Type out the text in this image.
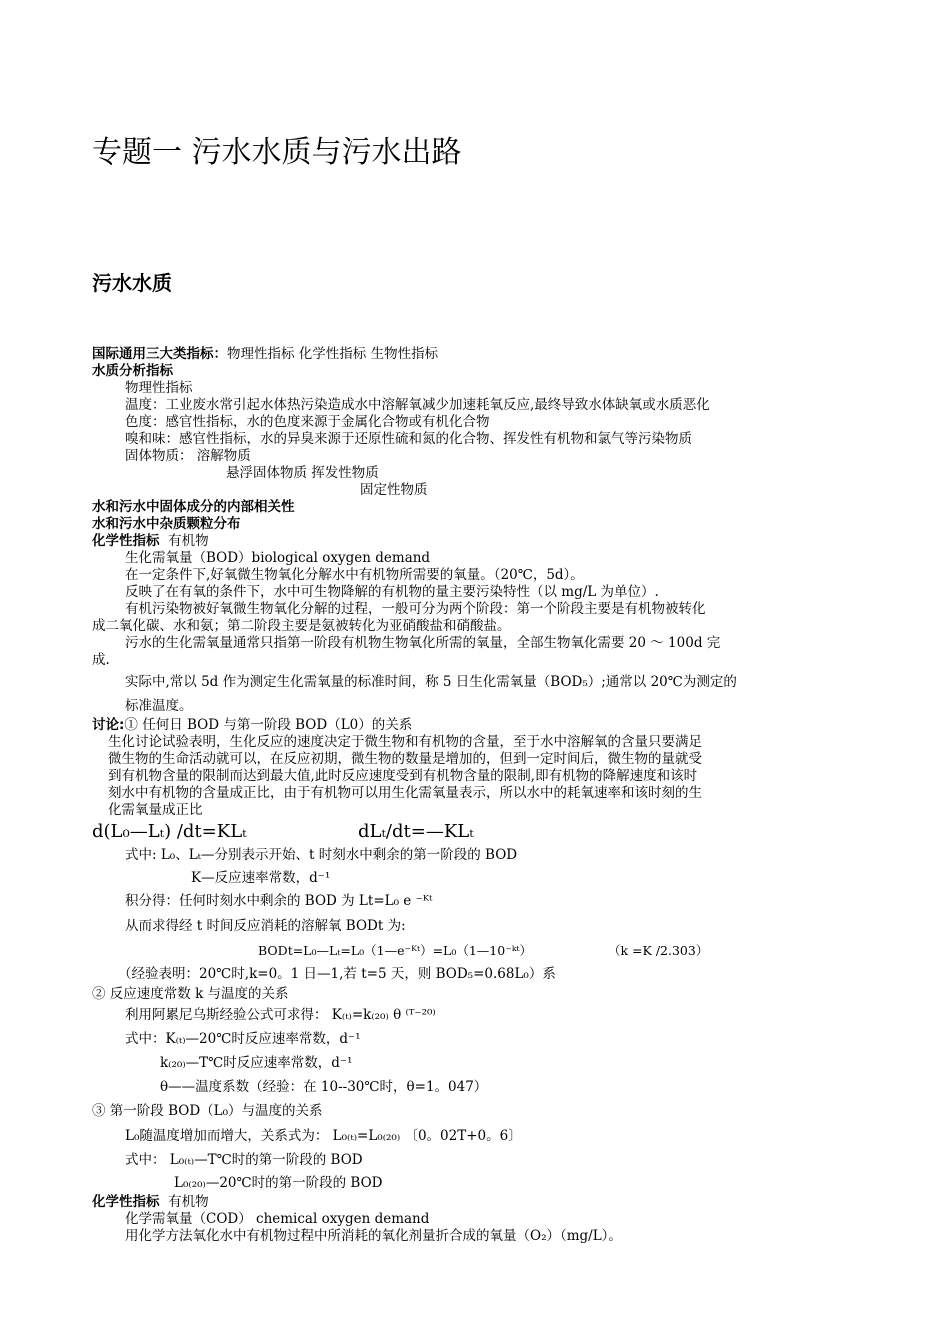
专题一 污水水质与污水出路
污水水质
国际通用三大类指标：物理性指标 化学性指标 生物性指标
水质分析指标
物理性指标
温度：工业废水常引起水体热污染造成水中溶解氧减少加速耗氧反应,最终导致水体缺氧或水质恶化
色度：感官性指标，水的色度来源于金属化合物或有机化合物
嗅和味：感官性指标，水的异臭来源于还原性硫和氮的化合物、挥发性有机物和氯气等污染物质
固体物质： 溶解物质
悬浮固体物质 挥发性物质
固定性物质
水和污水中固体成分的内部相关性
水和污水中杂质颗粒分布
化学性指标 有机物
生化需氧量（BOD）biological oxygen demand
在一定条件下,好氧微生物氧化分解水中有机物所需要的氧量。（20℃，5d）。
反映了在有氧的条件下，水中可生物降解的有机物的量主要污染特性（以 mg/L 为单位）.
有机污染物被好氧微生物氧化分解的过程，一般可分为两个阶段：第一个阶段主要是有机物被转化
成二氧化碳、水和氨；第二阶段主要是氨被转化为亚硝酸盐和硝酸盐。
污水的生化需氧量通常只指第一阶段有机物生物氧化所需的氧量，全部生物氧化需要 20 ～ 100d 完
成.
实际中,常以 5d 作为测定生化需氧量的标准时间，称 5 日生化需氧量（BOD₅）;通常以 20℃为测定的
标准温度。
讨论:① 任何日 BOD 与第一阶段 BOD（L0）的关系
生化讨论试验表明，生化反应的速度决定于微生物和有机物的含量，至于水中溶解氧的含量只要满足
微生物的生命活动就可以，在反应初期，微生物的数量是增加的，但到一定时间后，微生物的量就受
到有机物含量的限制而达到最大值,此时反应速度受到有机物含量的限制,即有机物的降解速度和该时
刻水中有机物的含量成正比，由于有机物可以用生化需氧量表示，所以水中的耗氧速率和该时刻的生
化需氧量成正比
d(L₀—Lₜ) /dt=KLₜ	dLₜ/dt=—KLₜ
式中: L₀、Lₜ—分别表示开始、t 时刻水中剩余的第一阶段的 BOD
K—反应速率常数，d⁻¹
积分得：任何时刻水中剩余的 BOD 为 Lt=L₀ e ⁻ᴷᵗ
从而求得经 t 时间反应消耗的溶解氧 BODt 为:
BODt=L₀—Lₜ=L₀（1—e⁻ᴷᵗ）=L₀（1—10⁻ᵏᵗ）	（k =K /2.303）
（经验表明：20℃时,k=0。1 日—1,若 t=5 天，则 BOD₅=0.68L₀）系
② 反应速度常数 k 与温度的关系
利用阿累尼乌斯经验公式可求得： K₍ₜ₎=k₍₂₀₎ θ ⁽ᵀ⁻²⁰⁾
式中：K₍ₜ₎—20℃时反应速率常数，d⁻¹
k₍₂₀₎—T℃时反应速率常数，d⁻¹
θ——温度系数（经验：在 10--30℃时，θ=1。047）
③ 第一阶段 BOD（L₀）与温度的关系
L₀随温度增加而增大，关系式为： L₀₍ₜ₎=L₀₍₂₀₎ 〔0。02T+0。6〕
式中： L₀₍ₜ₎—T℃时的第一阶段的 BOD
L₀₍₂₀₎—20℃时的第一阶段的 BOD
化学性指标 有机物
化学需氧量（COD） chemical oxygen demand
用化学方法氧化水中有机物过程中所消耗的氧化剂量折合成的氧量（O₂）（mg/L）。
